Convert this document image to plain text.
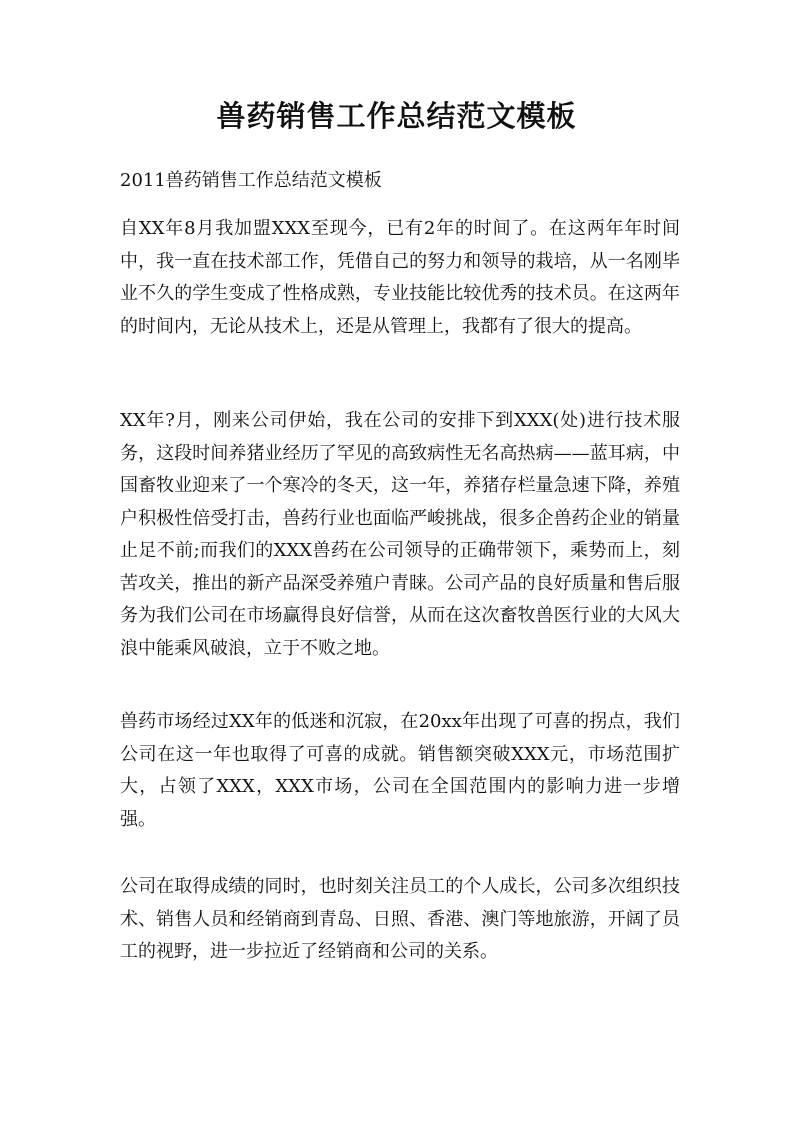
兽药销售工作总结范文模板
2011兽药销售工作总结范文模板

自XX年8月我加盟XXX至现今，已有2年的时间了。在这两年年时间中，我一直在技术部工作，凭借自己的努力和领导的栽培，从一名刚毕业不久的学生变成了性格成熟，专业技能比较优秀的技术员。在这两年的时间内，无论从技术上，还是从管理上，我都有了很大的提高。

XX年?月，刚来公司伊始，我在公司的安排下到XXX(处)进行技术服务，这段时间养猪业经历了罕见的高致病性无名高热病——蓝耳病，中国畜牧业迎来了一个寒冷的冬天，这一年，养猪存栏量急速下降，养殖户积极性倍受打击，兽药行业也面临严峻挑战，很多企兽药企业的销量止足不前;而我们的XXX兽药在公司领导的正确带领下，乘势而上，刻苦攻关，推出的新产品深受养殖户青睐。公司产品的良好质量和售后服务为我们公司在市场赢得良好信誉，从而在这次畜牧兽医行业的大风大浪中能乘风破浪，立于不败之地。

兽药市场经过XX年的低迷和沉寂，在20xx年出现了可喜的拐点，我们公司在这一年也取得了可喜的成就。销售额突破XXX元，市场范围扩大，占领了XXX，XXX市场，公司在全国范围内的影响力进一步增强。

公司在取得成绩的同时，也时刻关注员工的个人成长，公司多次组织技术、销售人员和经销商到青岛、日照、香港、澳门等地旅游，开阔了员工的视野，进一步拉近了经销商和公司的关系。
